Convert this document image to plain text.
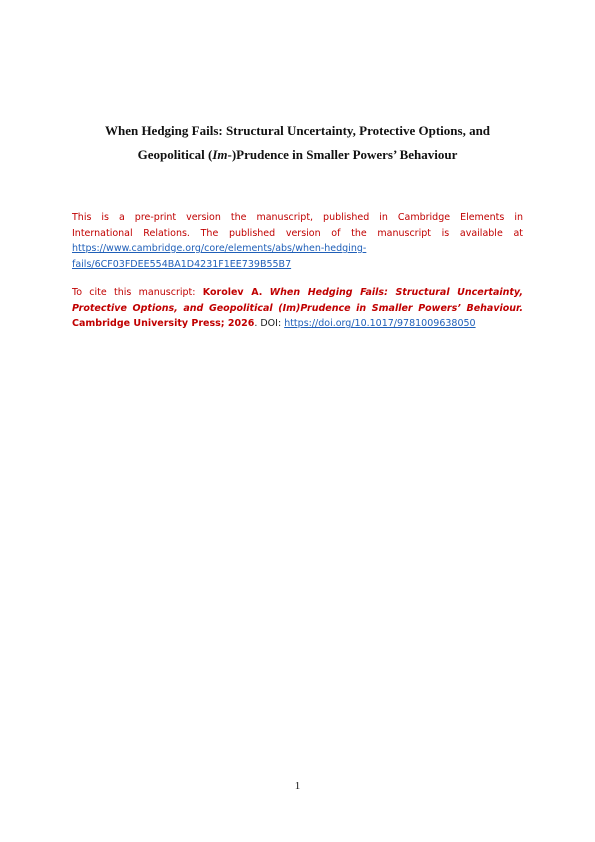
When Hedging Fails: Structural Uncertainty, Protective Options, and
Geopolitical (Im-)Prudence in Smaller Powers’ Behaviour
This is a pre-print version the manuscript, published in Cambridge Elements in
International Relations. The published version of the manuscript is available at
https://www.cambridge.org/core/elements/abs/when-hedging-
fails/6CF03FDEE554BA1D4231F1EE739B55B7
To cite this manuscript: Korolev A. When Hedging Fails: Structural Uncertainty,
Protective Options, and Geopolitical (Im)Prudence in Smaller Powers’ Behaviour.
Cambridge University Press; 2026. DOI: https://doi.org/10.1017/9781009638050
1
